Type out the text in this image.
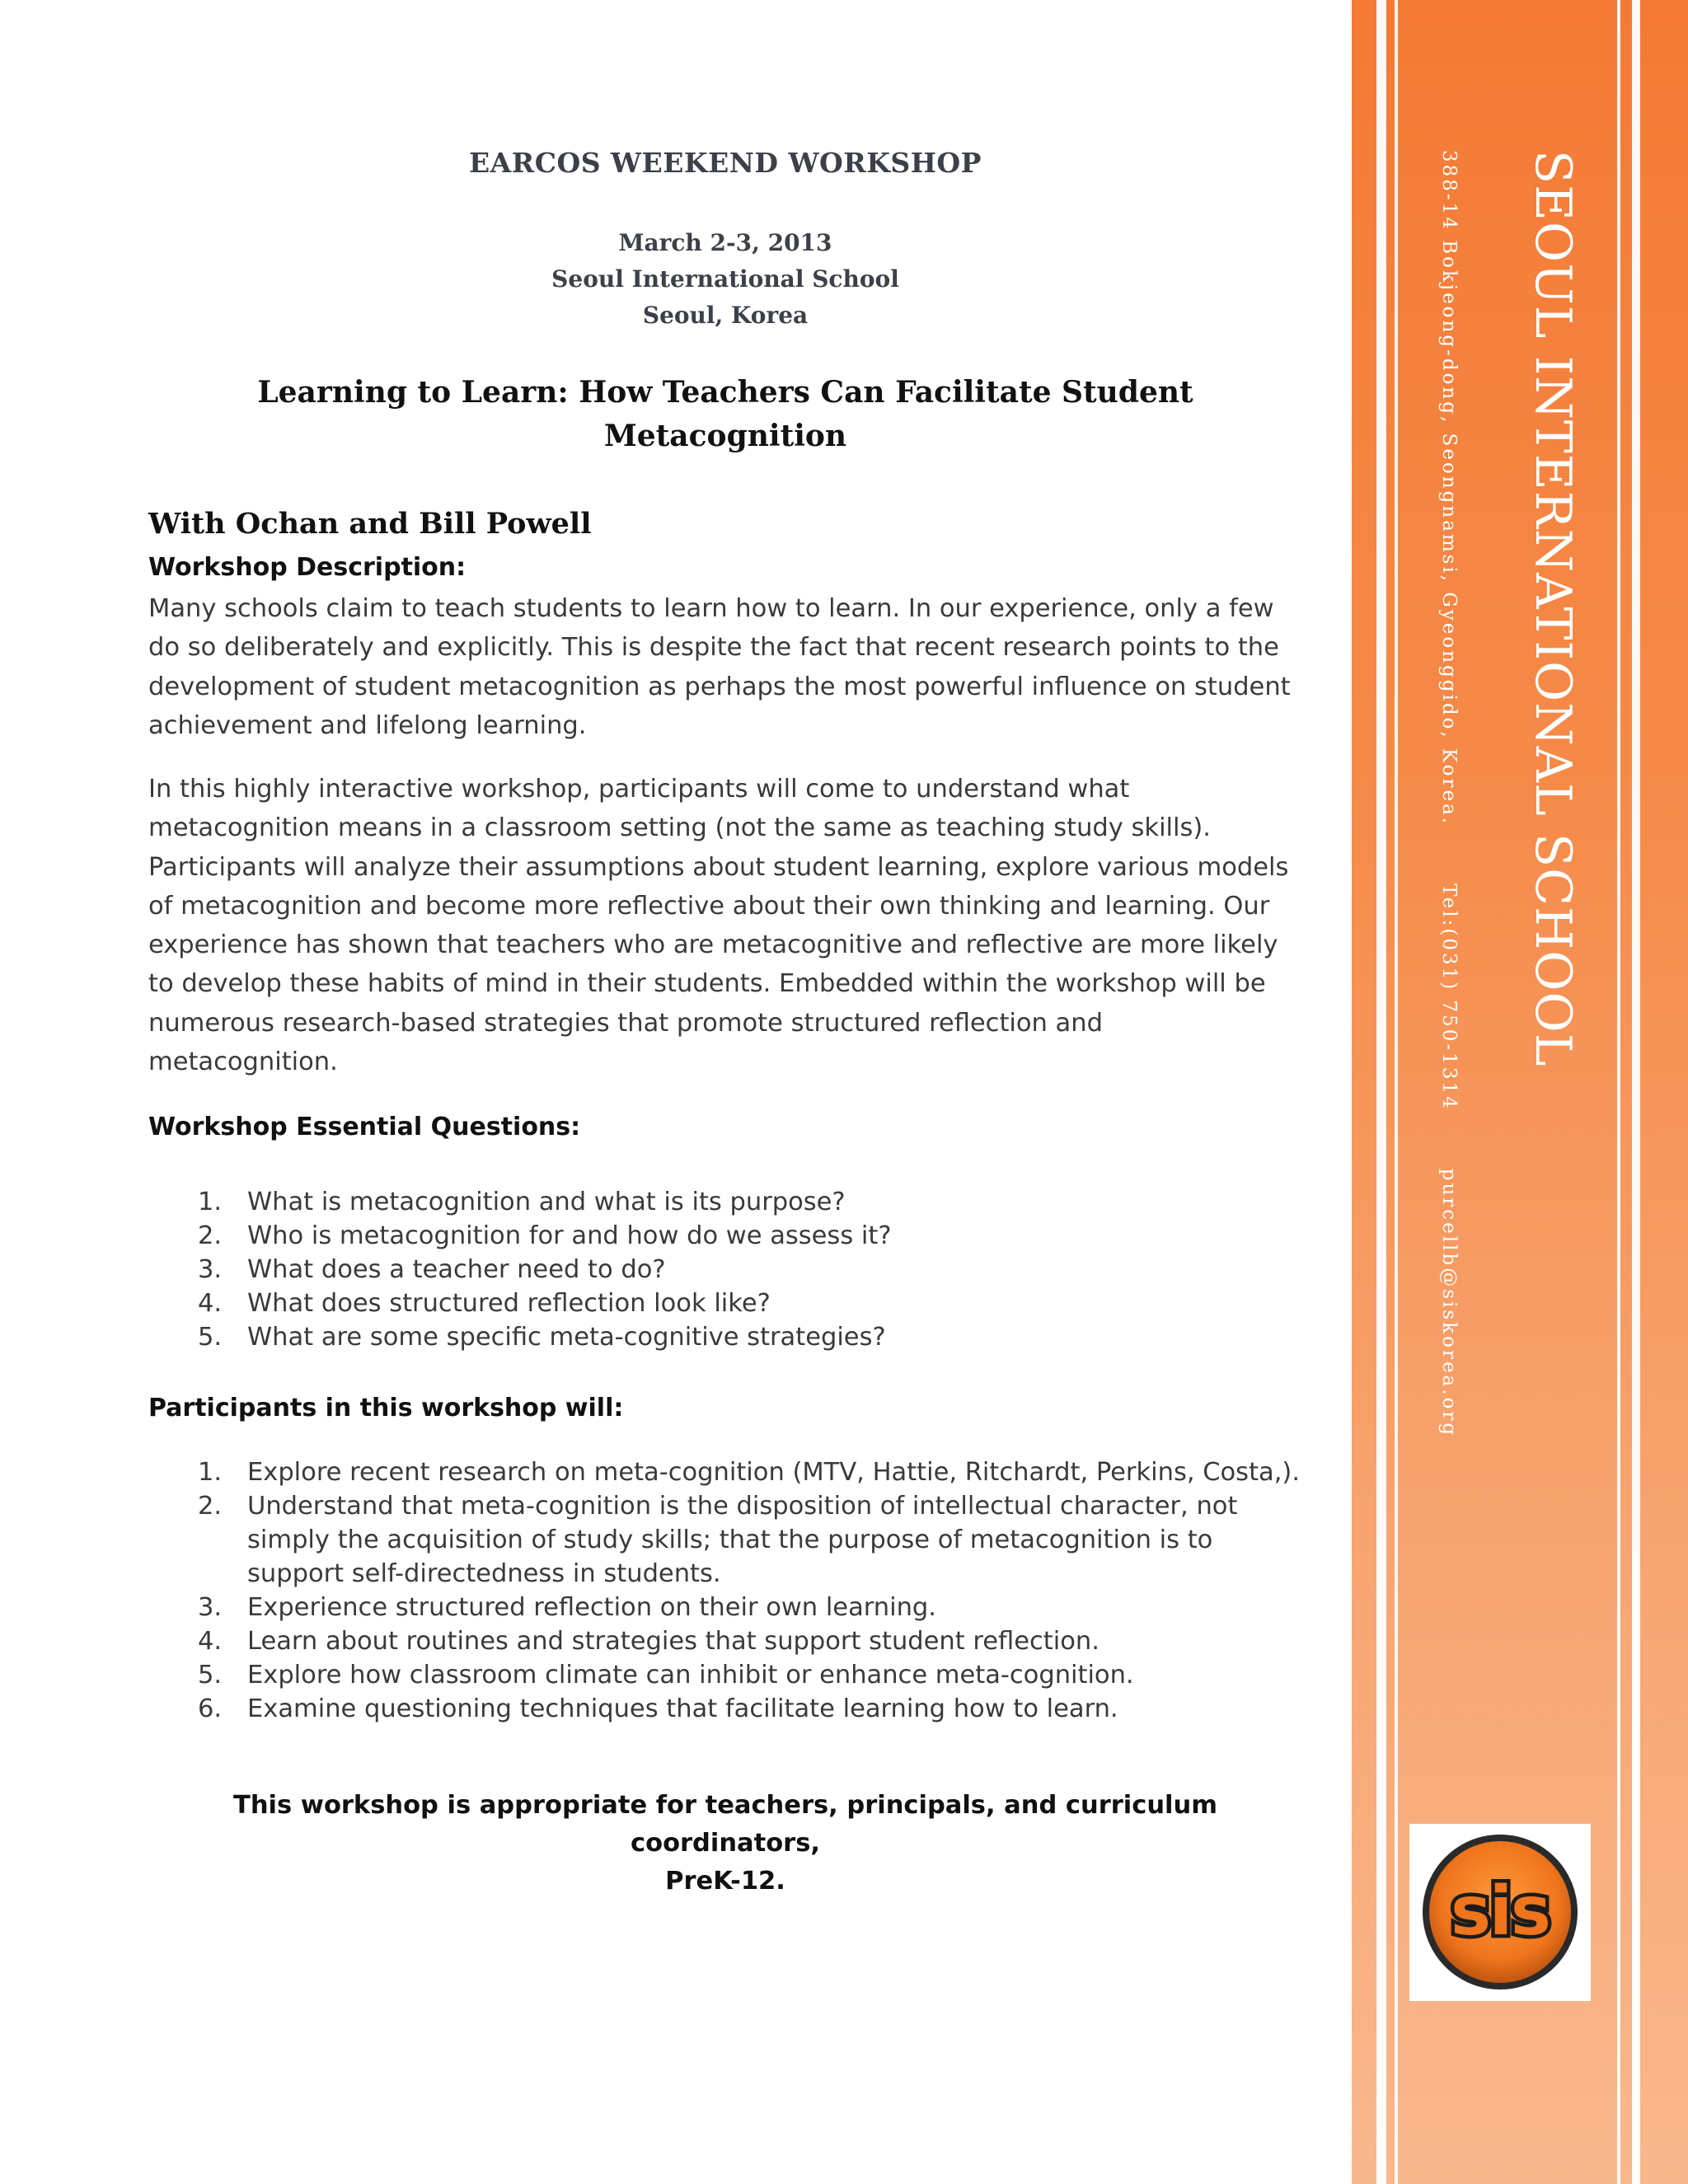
EARCOS WEEKEND WORKSHOP
March 2-3, 2013
Seoul International School
Seoul, Korea
Learning to Learn: How Teachers Can Facilitate Student
Metacognition
With Ochan and Bill Powell
Workshop Description:

Many schools claim to teach students to learn how to learn. In our experience, only a few do so deliberately and explicitly. This is despite the fact that recent research points to the development of student metacognition as perhaps the most powerful influence on student achievement and lifelong learning.

In this highly interactive workshop, participants will come to understand what metacognition means in a classroom setting (not the same as teaching study skills). Participants will analyze their assumptions about student learning, explore various models of metacognition and become more reflective about their own thinking and learning. Our experience has shown that teachers who are metacognitive and reflective are more likely to develop these habits of mind in their students. Embedded within the workshop will be numerous research-based strategies that promote structured reflection and metacognition.

Workshop Essential Questions:
1.	What is metacognition and what is its purpose?
2.	Who is metacognition for and how do we assess it?
3.	What does a teacher need to do?
4.	What does structured reflection look like?
5.	What are some specific meta-cognitive strategies?
Participants in this workshop will:
1.	Explore recent research on meta-cognition (MTV, Hattie, Ritchardt, Perkins, Costa,).
2.	Understand that meta-cognition is the disposition of intellectual character, not simply the acquisition of study skills; that the purpose of metacognition is to support self-directedness in students.
3.	Experience structured reflection on their own learning.
4.	Learn about routines and strategies that support student reflection.
5.	Explore how classroom climate can inhibit or enhance meta-cognition.
6.	Examine questioning techniques that facilitate learning how to learn.
This workshop is appropriate for teachers, principals, and curriculum coordinators,
PreK-12.
SEOUL INTERNATIONAL SCHOOL
388-14 Bokjeong-dong, Seongnamsi, Gyeonggido, Korea.Tel:(031) 750-1314purcellb@siskorea.org
sis
